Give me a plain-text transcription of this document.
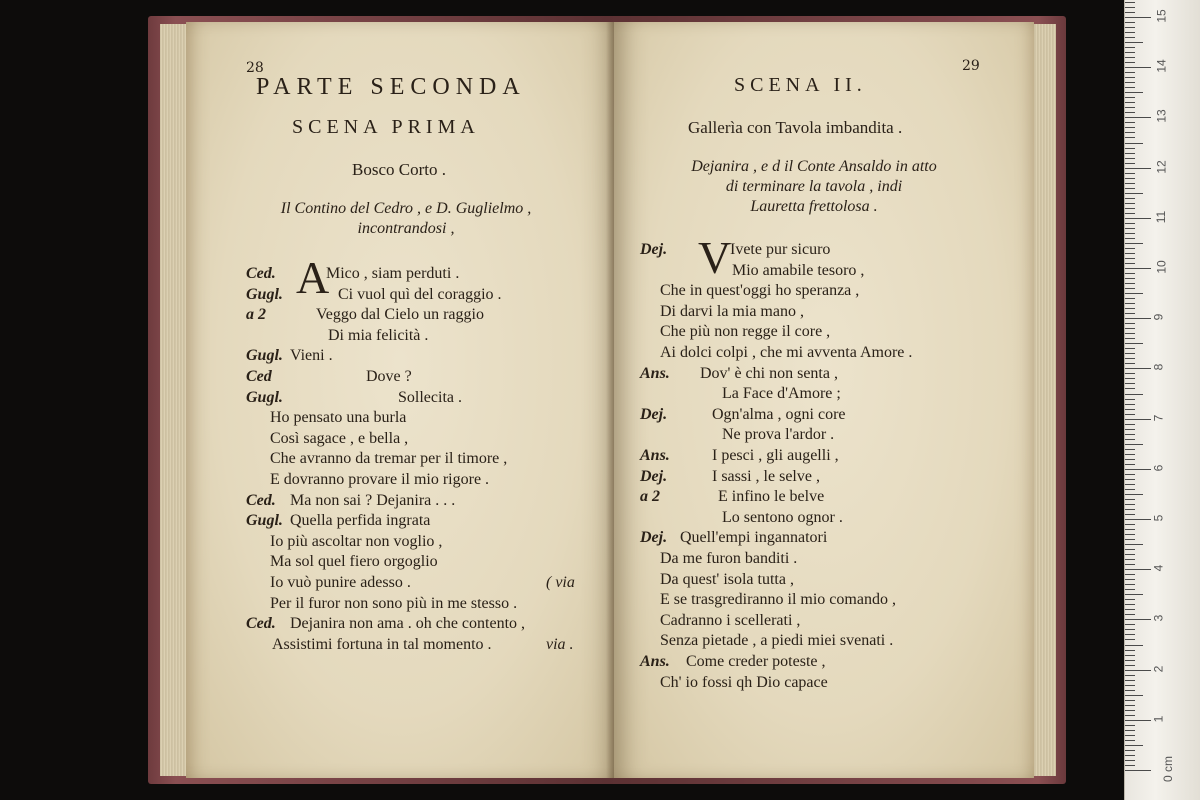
28
PARTE SECONDA
SCENA PRIMA
Bosco Corto .
Il Contino del Cedro , e D. Guglielmo ,
incontrandosi ,
A
Ced.	Mico , siam perduti .
Gugl.	Ci vuol quì del coraggio .
a 2	Veggo dal Cielo un raggio
Di mia felicità .
Gugl. Vieni .
Ced	Dove ?
Gugl.	Sollecita .
Ho pensato una burla
Così sagace , e bella ,
Che avranno da tremar per il timore ,
E dovranno provare il mio rigore .
Ced. Ma non sai ? Dejanira . . .
Gugl. Quella perfida ingrata
Io più ascoltar non voglio ,
Ma sol quel fiero orgoglio
Io vuò punire adesso .	( via
Per il furor non sono più in me stesso .
Ced. Dejanira non ama . oh che contento ,
Assistimi fortuna in tal momento .	via .
29
SCENA II.
Gallerìa con Tavola imbandita .
Dejanira , e d il Conte Ansaldo in atto
di terminare la tavola , indi
Lauretta frettolosa .
V
Dej.	Ivete pur sicuro
Mio amabile tesoro ,
Che in quest'oggi ho speranza ,
Di darvi la mia mano ,
Che più non regge il core ,
Ai dolci colpi , che mi avventa Amore .
Ans. Dov' è chi non senta ,
La Face d'Amore ;
Dej.	Ogn'alma , ogni core
Ne prova l'ardor .
Ans.	I pesci , gli augelli ,
Dej.	I sassi , le selve ,
a 2	E infino le belve
Lo sentono ognor .
Dej. Quell'empi ingannatori
Da me furon banditi .
Da quest' isola tutta ,
E se trasgrediranno il mio comando ,
Cadranno i scellerati ,
Senza pietade , a piedi miei svenati .
Ans. Come creder poteste ,
Ch' io fossi qh Dio capace
0 cm
1
2
3
4
5
6
7
8
9
10
11
12
13
14
15
